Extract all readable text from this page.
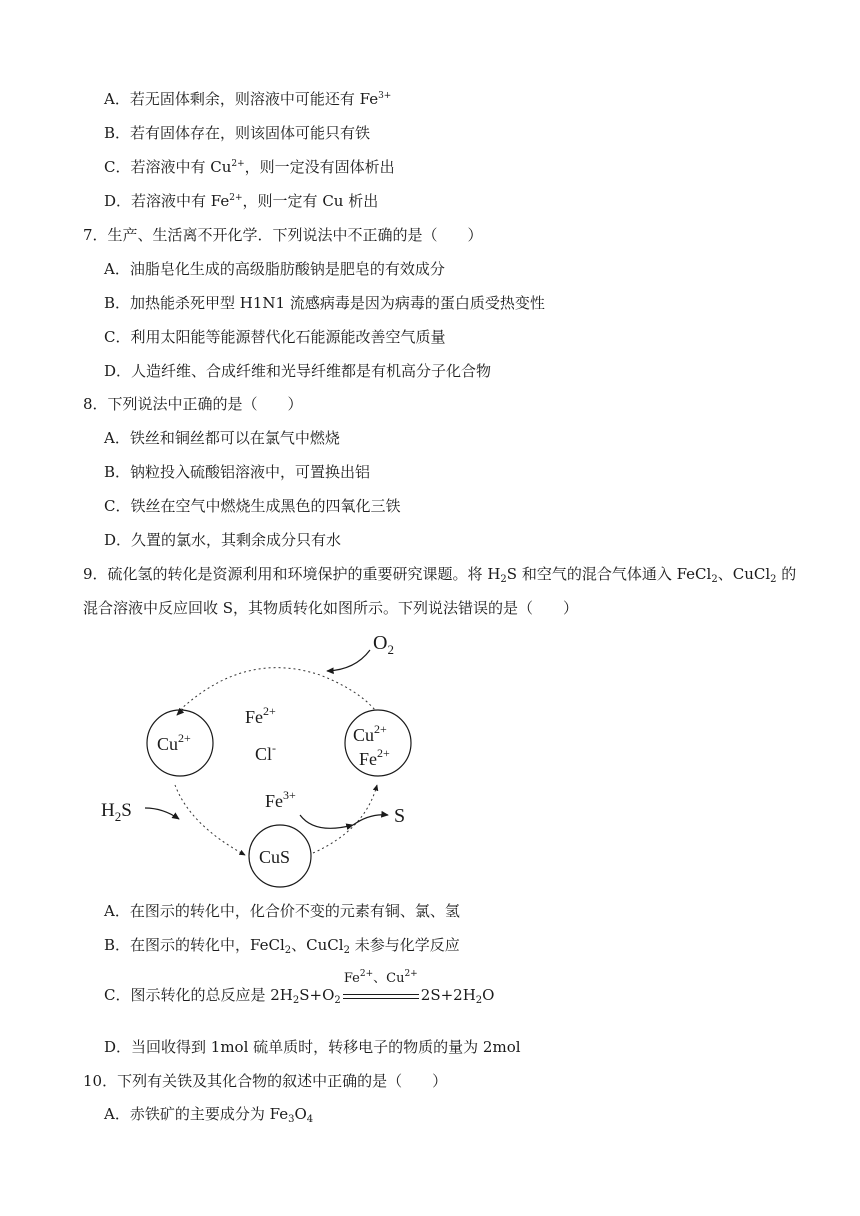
A．若无固体剩余，则溶液中可能还有 $Fe^{3+}$
B．若有固体存在，则该固体可能只有铁
C．若溶液中有 $Cu^{2+}$，则一定没有固体析出
D．若溶液中有 $Fe^{2+}$，则一定有 Cu 析出
7．生产、生活离不开化学．下列说法中不正确的是（　　）
A．油脂皂化生成的高级脂肪酸钠是肥皂的有效成分
B．加热能杀死甲型 H1N1 流感病毒是因为病毒的蛋白质受热变性
C．利用太阳能等能源替代化石能源能改善空气质量
D．人造纤维、合成纤维和光导纤维都是有机高分子化合物
8．下列说法中正确的是（　　）
A．铁丝和铜丝都可以在氯气中燃烧
B．钠粒投入硫酸铝溶液中，可置换出铝
C．铁丝在空气中燃烧生成黑色的四氧化三铁
D．久置的氯水，其剩余成分只有水
9．硫化氢的转化是资源利用和环境保护的重要研究课题。将 $H_2S$ 和空气的混合气体通入 FeCl$_2$、CuCl$_2$ 的
混合溶液中反应回收 S，其物质转化如图所示。下列说法错误的是（　　）
$O_2$
$Cu^{2+}$
$Fe^{2+}$
Cl-
$Cu^{2+}$
$Fe^{2+}$
$H_2S$	$Fe^{3+}$
S
CuS
A．在图示的转化中，化合价不变的元素有铜、氯、氢
B．在图示的转化中，FeCl$_2$、CuCl$_2$ 未参与化学反应
C．图示转化的总反应是 $2H_2S+O_2$
$Fe^{2+}$、$Cu^{2+}$
$2S+2H_2O$
D．当回收得到 1mol 硫单质时，转移电子的物质的量为 2mol
10．下列有关铁及其化合物的叙述中正确的是（　　）
A．赤铁矿的主要成分为 $Fe_3O_4$
